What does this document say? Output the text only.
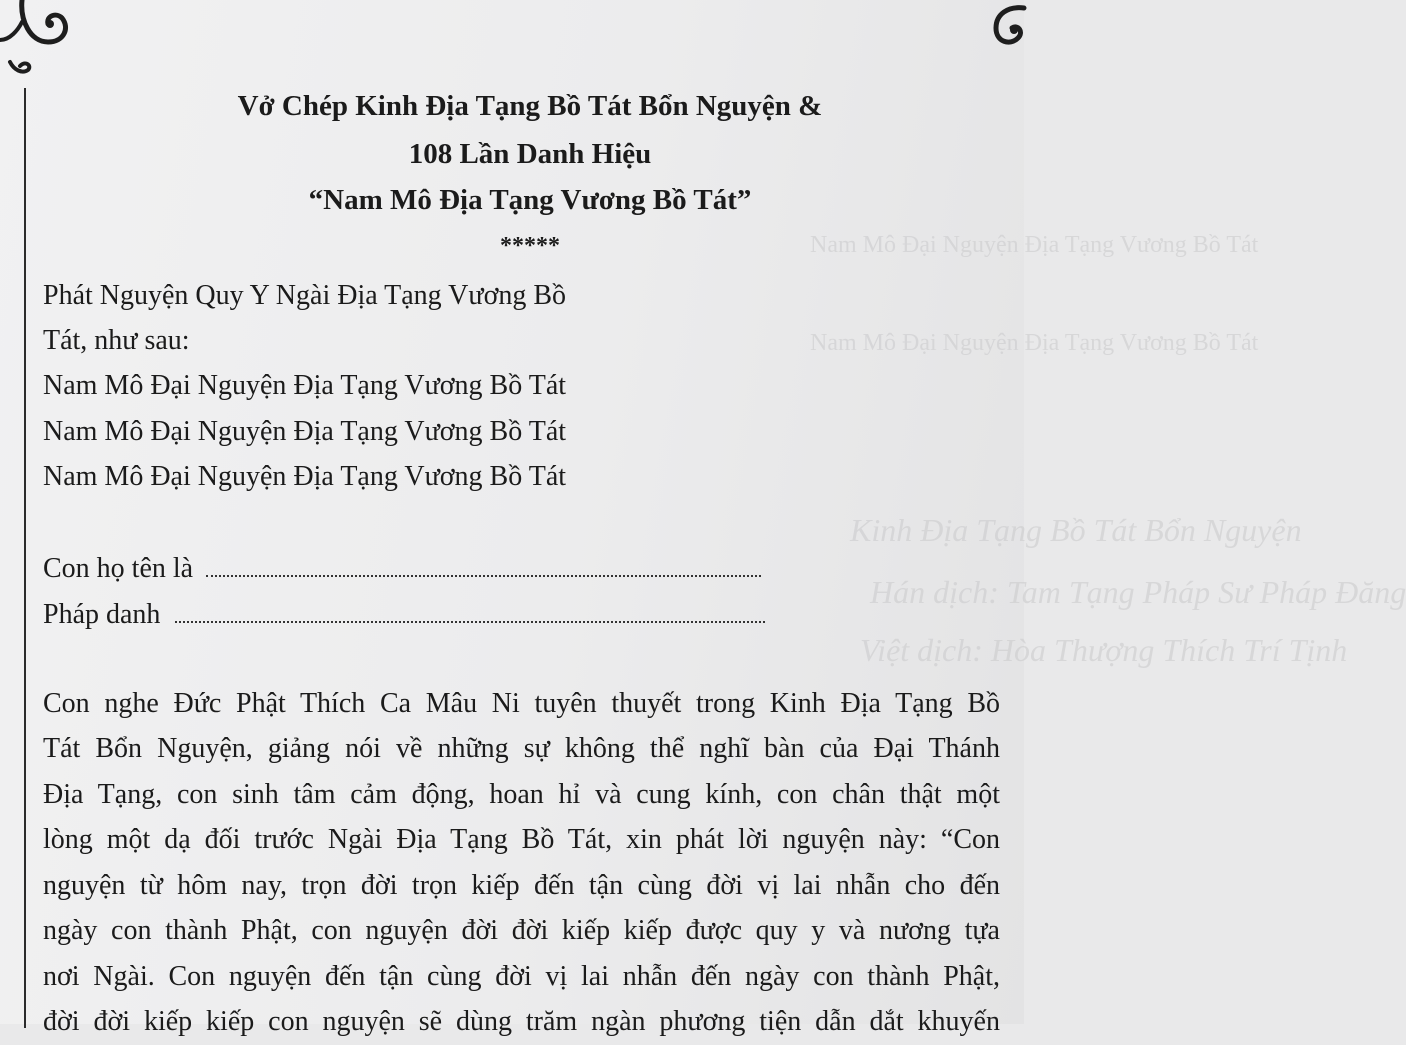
Nam Mô Đại Nguyện Địa Tạng Vương Bồ Tát
Nam Mô Đại Nguyện Địa Tạng Vương Bồ Tát
Kinh Địa Tạng Bồ Tát Bổn Nguyện
Hán dịch: Tam Tạng Pháp Sư Pháp Đăng
Việt dịch: Hòa Thượng Thích Trí Tịnh
Vở Chép Kinh Địa Tạng Bồ Tát Bổn Nguyện &
108 Lần Danh Hiệu
“Nam Mô Địa Tạng Vương Bồ Tát”
*****
Phát Nguyện Quy Y Ngài Địa Tạng Vương Bồ
Tát, như sau:
Nam Mô Đại Nguyện Địa Tạng Vương Bồ Tát
Nam Mô Đại Nguyện Địa Tạng Vương Bồ Tát
Nam Mô Đại Nguyện Địa Tạng Vương Bồ Tát
Con họ tên là
Pháp danh
Con nghe Đức Phật Thích Ca Mâu Ni tuyên thuyết trong Kinh Địa Tạng Bồ
Tát Bổn Nguyện, giảng nói về những sự không thể nghĩ bàn của Đại Thánh
Địa Tạng, con sinh tâm cảm động, hoan hỉ và cung kính, con chân thật một
lòng một dạ đối trước Ngài Địa Tạng Bồ Tát, xin phát lời nguyện này: “Con
nguyện từ hôm nay, trọn đời trọn kiếp đến tận cùng đời vị lai nhẫn cho đến
ngày con thành Phật, con nguyện đời đời kiếp kiếp được quy y và nương tựa
nơi Ngài. Con nguyện đến tận cùng đời vị lai nhẫn đến ngày con thành Phật,
đời đời kiếp kiếp con nguyện sẽ dùng trăm ngàn phương tiện dẫn dắt khuyến
